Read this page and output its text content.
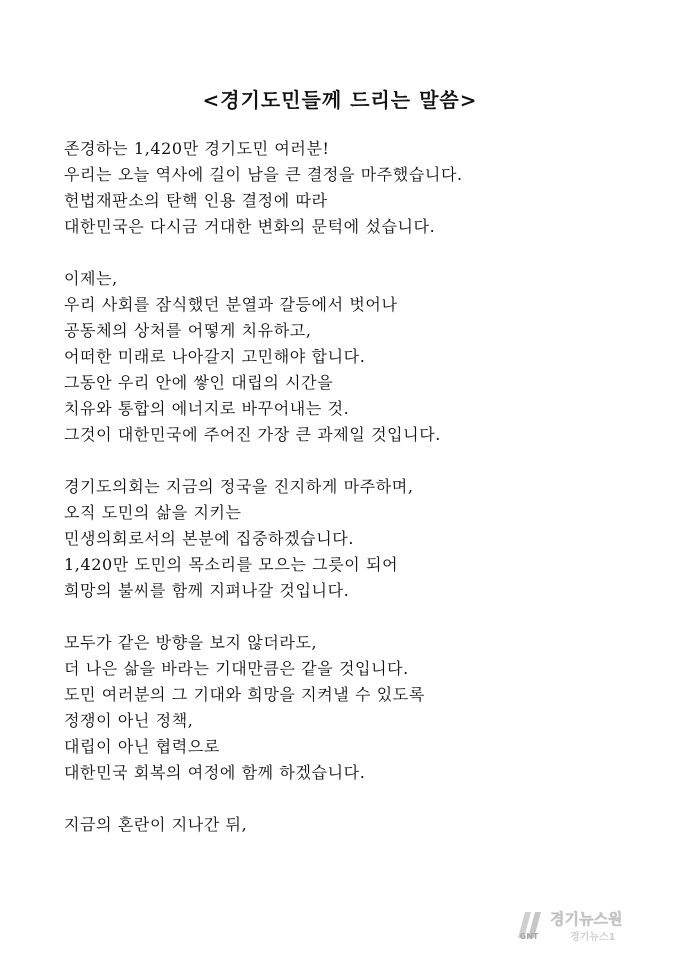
<경기도민들께 드리는 말씀>
존경하는 1,420만 경기도민 여러분!
우리는 오늘 역사에 길이 남을 큰 결정을 마주했습니다.
헌법재판소의 탄핵 인용 결정에 따라
대한민국은 다시금 거대한 변화의 문턱에 섰습니다.
이제는,
우리 사회를 잠식했던 분열과 갈등에서 벗어나
공동체의 상처를 어떻게 치유하고,
어떠한 미래로 나아갈지 고민해야 합니다.
그동안 우리 안에 쌓인 대립의 시간을
치유와 통합의 에너지로 바꾸어내는 것.
그것이 대한민국에 주어진 가장 큰 과제일 것입니다.
경기도의회는 지금의 정국을 진지하게 마주하며,
오직 도민의 삶을 지키는
민생의회로서의 본분에 집중하겠습니다.
1,420만 도민의 목소리를 모으는 그릇이 되어
희망의 불씨를 함께 지펴나갈 것입니다.
모두가 같은 방향을 보지 않더라도,
더 나은 삶을 바라는 기대만큼은 같을 것입니다.
도민 여러분의 그 기대와 희망을 지켜낼 수 있도록
정쟁이 아닌 정책,
대립이 아닌 협력으로
대한민국 회복의 여정에 함께 하겠습니다.
지금의 혼란이 지나간 뒤,
GNT
경기뉴스원
경기뉴스1
